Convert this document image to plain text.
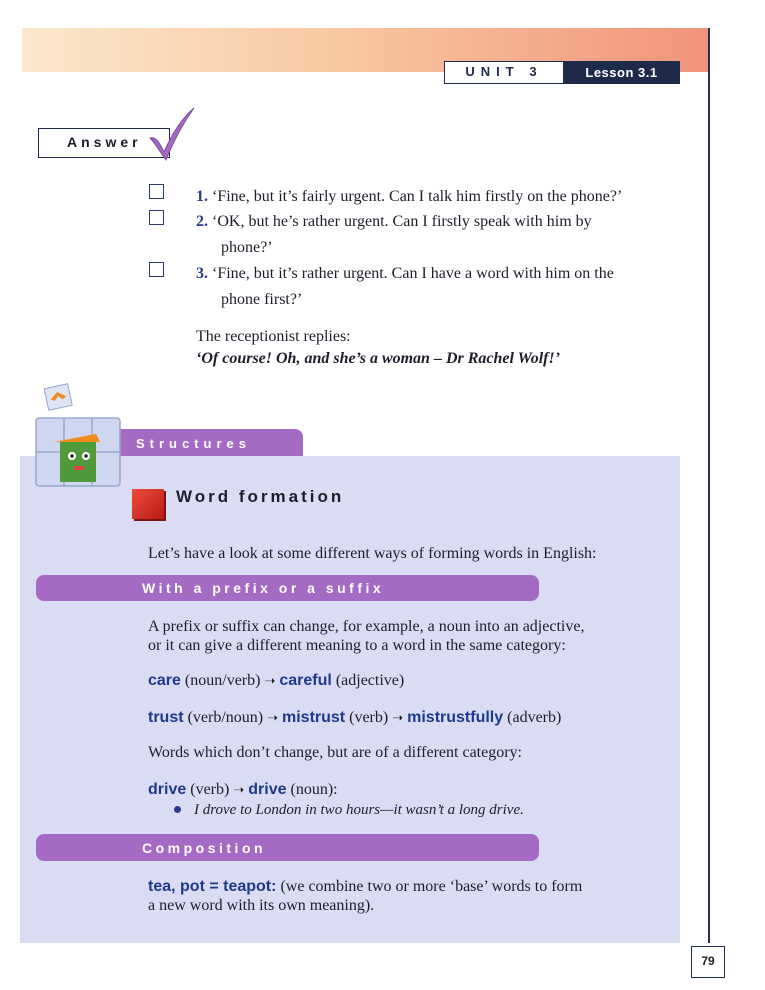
UNIT 3	Lesson 3.1
Answer
1. ‘Fine, but it’s fairly urgent. Can I talk him firstly on the phone?’
2. ‘OK, but he’s rather urgent. Can I firstly speak with him by
phone?’
3. ‘Fine, but it’s rather urgent. Can I have a word with him on the
phone first?’
The receptionist replies:
‘Of course! Oh, and she’s a woman – Dr Rachel Wolf!’
Structures
Word formation
Let’s have a look at some different ways of forming words in English:
With a prefix or a suffix
A prefix or suffix can change, for example, a noun into an adjective,
or it can give a different meaning to a word in the same category:
care (noun/verb) ➝ careful (adjective)
trust (verb/noun) ➝ mistrust (verb) ➝ mistrustfully (adverb)
Words which don’t change, but are of a different category:
drive (verb) ➝ drive (noun):
I drove to London in two hours—it wasn’t a long drive.
Composition
tea, pot = teapot: (we combine two or more ‘base’ words to form
a new word with its own meaning).
79
